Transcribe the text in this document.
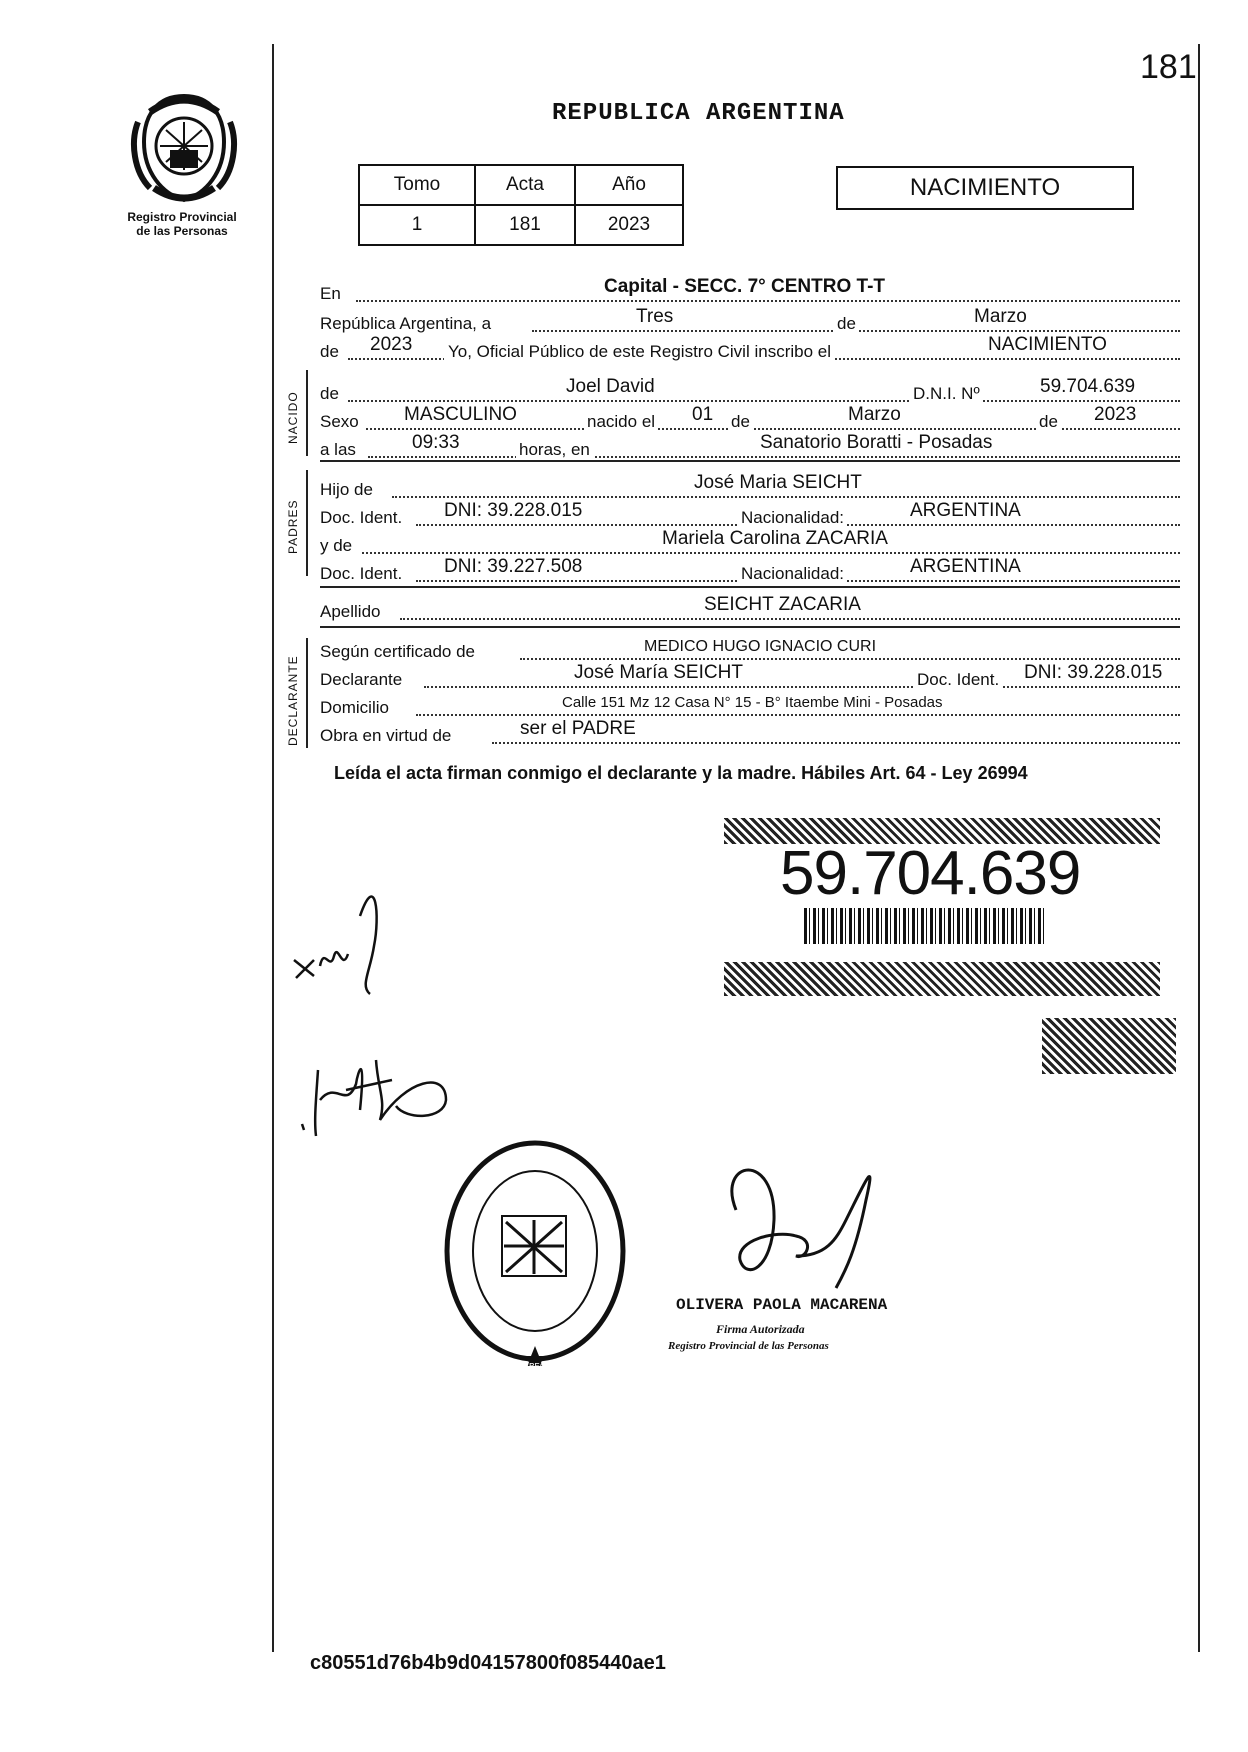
181
REPUBLICA ARGENTINA
Registro Provincial
de las Personas
Tomo	Acta	Año
1	181	2023
NACIMIENTO
En	Capital - SECC. 7° CENTRO T-T
República Argentina, a	Tres	de	Marzo
de 2023 Yo, Oficial Público de este Registro Civil inscribo el	NACIMIENTO
NACIDO de	Joel David	D.N.I. Nº	59.704.639
Sexo MASCULINO	nacido el 01 de	Marzo	de 2023
a las	09:33	horas, en	Sanatorio Boratti - Posadas
PADRES
Hijo de	José Maria SEICHT
Doc. Ident. DNI: 39.228.015	Nacionalidad:	ARGENTINA
y de	Mariela Carolina ZACARIA
Doc. Ident. DNI: 39.227.508	Nacionalidad:	ARGENTINA
Apellido	SEICHT ZACARIA
DECLARANTE
Según certificado de	MEDICO HUGO IGNACIO CURI
Declarante	José María SEICHT	Doc. Ident. DNI: 39.228.015
Domicilio	Calle 151 Mz 12 Casa N° 15 - B° Itaembe Mini - Posadas
Obra en virtud de	ser el PADRE
Leída el acta firman conmigo el declarante y la madre. Hábiles Art. 64 - Ley 26994
59.704.639
DELEGACION DEL REGISTRO PROVINCIAL DE LAS PERSONAS
Sección 7ma. - Posadas
OLIVERA PAOLA MACARENA
Firma Autorizada
Registro Provincial de las Personas
c80551d76b4b9d04157800f085440ae1
